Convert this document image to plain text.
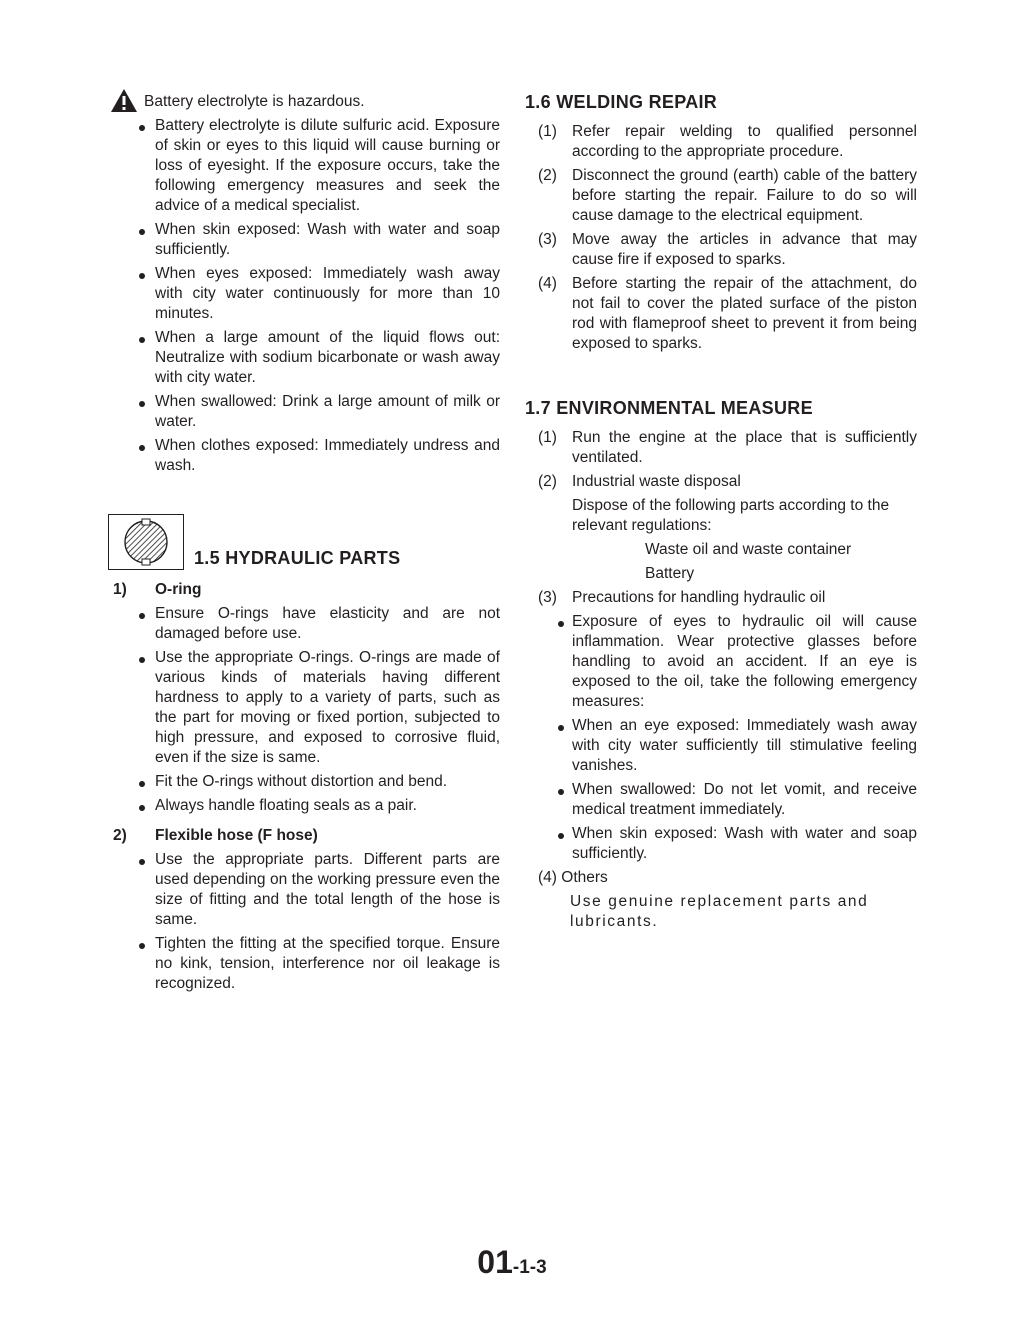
Battery electrolyte is hazardous.
Battery electrolyte is dilute sulfuric acid. Exposure of skin or eyes to this liquid will cause burning or loss of eyesight. If the exposure occurs, take the following emergency measures and seek the advice of a medical specialist.
When skin exposed: Wash with water and soap sufficiently.
When eyes exposed: Immediately wash away with city water continuously for more than 10 minutes.
When a large amount of the liquid flows out: Neutralize with sodium bicarbonate or wash away with city water.
When swallowed: Drink a large amount of milk or water.
When clothes exposed: Immediately undress and wash.
1.5 HYDRAULIC PARTS
1) O-ring
Ensure O-rings have elasticity and are not damaged before use.
Use the appropriate O-rings. O-rings are made of various kinds of materials having different hardness to apply to a variety of parts, such as the part for moving or fixed portion, subjected to high pressure, and exposed to corrosive fluid, even if the size is same.
Fit the O-rings without distortion and bend.
Always handle floating seals as a pair.
2) Flexible hose (F hose)
Use the appropriate parts. Different parts are used depending on the working pressure even the size of fitting and the total length of the hose is same.
Tighten the fitting at the specified torque. Ensure no kink, tension, interference nor oil leakage is recognized.
1.6 WELDING REPAIR
(1) Refer repair welding to qualified personnel according to the appropriate procedure.
(2) Disconnect the ground (earth) cable of the battery before starting the repair. Failure to do so will cause damage to the electrical equipment.
(3) Move away the articles in advance that may cause fire if exposed to sparks.
(4) Before starting the repair of the attachment, do not fail to cover the plated surface of the piston rod with flameproof sheet to prevent it from being exposed to sparks.
1.7 ENVIRONMENTAL MEASURE
(1) Run the engine at the place that is sufficiently ventilated.
(2) Industrial waste disposal
Dispose of the following parts according to the relevant regulations:
Waste oil and waste container
Battery
(3) Precautions for handling hydraulic oil
Exposure of eyes to hydraulic oil will cause inflammation. Wear protective glasses before handling to avoid an accident. If an eye is exposed to the oil, take the following emergency measures:
When an eye exposed: Immediately wash away with city water sufficiently till stimulative feeling vanishes.
When swallowed: Do not let vomit, and receive medical treatment immediately.
When skin exposed: Wash with water and soap sufficiently.
(4) Others
Use genuine replacement parts and lubricants.
01-1-3
